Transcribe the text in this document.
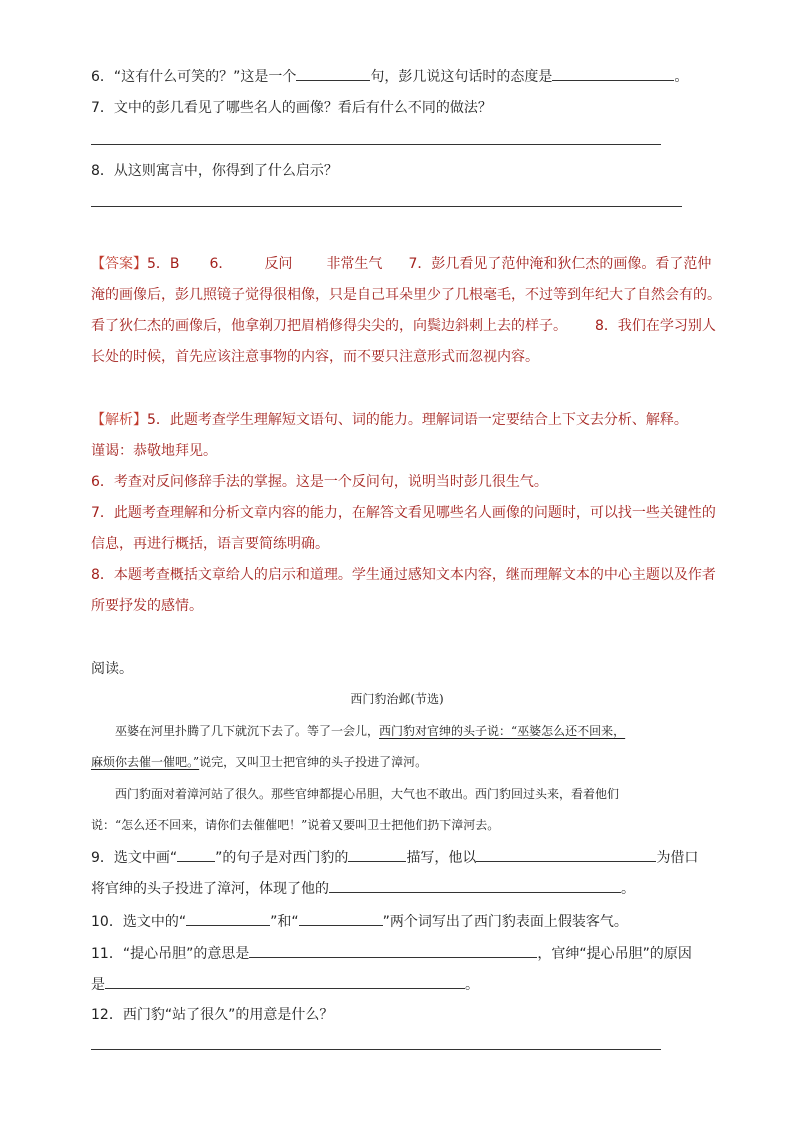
6．“这有什么可笑的？”这是一个	句，彭几说这句话时的态度是	。
7．文中的彭几看见了哪些名人的画像？看后有什么不同的做法？
8．从这则寓言中，你得到了什么启示？
【答案】5．B 6． 反问 非常生气 7．彭几看见了范仲淹和狄仁杰的画像。看了范仲
淹的画像后，彭几照镜子觉得很相像，只是自己耳朵里少了几根毫毛，不过等到年纪大了自然会有的。
看了狄仁杰的画像后，他拿剃刀把眉梢修得尖尖的，向鬓边斜刺上去的样子。 8．我们在学习别人
长处的时候，首先应该注意事物的内容，而不要只注意形式而忽视内容。
【解析】5．此题考查学生理解短文语句、词的能力。理解词语一定要结合上下文去分析、解释。
谨谒：恭敬地拜见。
6．考查对反问修辞手法的掌握。这是一个反问句，说明当时彭几很生气。
7．此题考查理解和分析文章内容的能力，在解答文看见哪些名人画像的问题时，可以找一些关键性的
信息，再进行概括，语言要简练明确。
8．本题考查概括文章给人的启示和道理。学生通过感知文本内容，继而理解文本的中心主题以及作者
所要抒发的感情。
阅读。
西门豹治邺(节选)
巫婆在河里扑腾了几下就沉下去了。等了一会儿，西门豹对官绅的头子说：“巫婆怎么还不回来，
麻烦你去催一催吧。”说完，又叫卫士把官绅的头子投进了漳河。
西门豹面对着漳河站了很久。那些官绅都提心吊胆，大气也不敢出。西门豹回过头来，看着他们
说：“怎么还不回来，请你们去催催吧！”说着又要叫卫士把他们扔下漳河去。
9．选文中画“	”的句子是对西门豹的	描写，他以	为借口
将官绅的头子投进了漳河，体现了他的	。
10．选文中的“	”和“	”两个词写出了西门豹表面上假装客气。
11．“提心吊胆”的意思是	，官绅“提心吊胆”的原因
是	。
12．西门豹“站了很久”的用意是什么？
